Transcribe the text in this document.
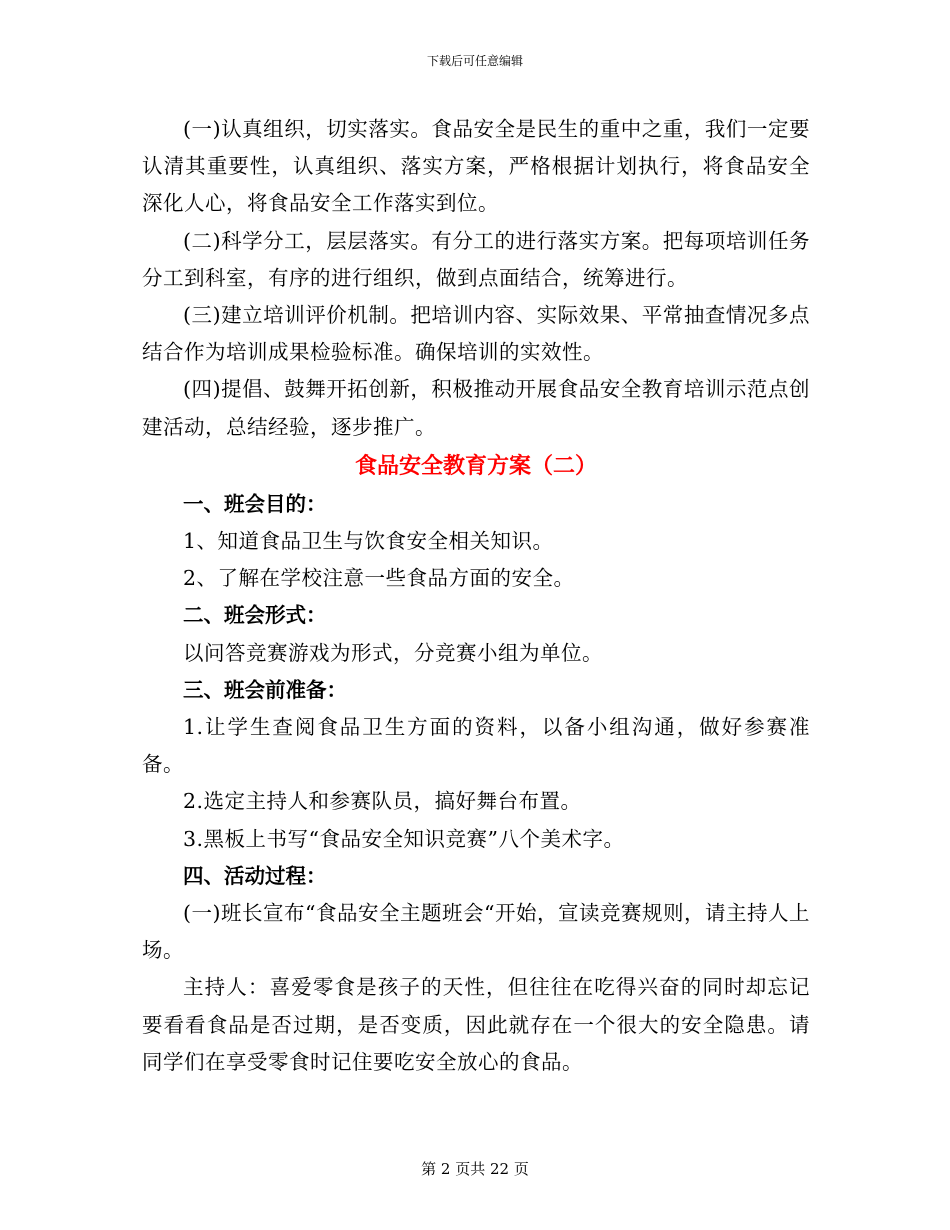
下载后可任意编辑

(一)认真组织，切实落实。食品安全是民生的重中之重，我们一定要认清其重要性，认真组织、落实方案，严格根据计划执行，将食品安全深化人心，将食品安全工作落实到位。

(二)科学分工，层层落实。有分工的进行落实方案。把每项培训任务分工到科室，有序的进行组织，做到点面结合，统筹进行。

(三)建立培训评价机制。把培训内容、实际效果、平常抽查情况多点结合作为培训成果检验标准。确保培训的实效性。

(四)提倡、鼓舞开拓创新，积极推动开展食品安全教育培训示范点创建活动，总结经验，逐步推广。

食品安全教育方案（二）

一、班会目的：

1、知道食品卫生与饮食安全相关知识。

2、了解在学校注意一些食品方面的安全。

二、班会形式：

以问答竞赛游戏为形式，分竞赛小组为单位。

三、班会前准备：

1.让学生查阅食品卫生方面的资料，以备小组沟通，做好参赛准备。

2.选定主持人和参赛队员，搞好舞台布置。

3.黑板上书写“食品安全知识竞赛”八个美术字。

四、活动过程：

(一)班长宣布“食品安全主题班会“开始，宣读竞赛规则，请主持人上场。

主持人：喜爱零食是孩子的天性，但往往在吃得兴奋的同时却忘记要看看食品是否过期，是否变质，因此就存在一个很大的安全隐患。请同学们在享受零食时记住要吃安全放心的食品。

第 2 页共 22 页
